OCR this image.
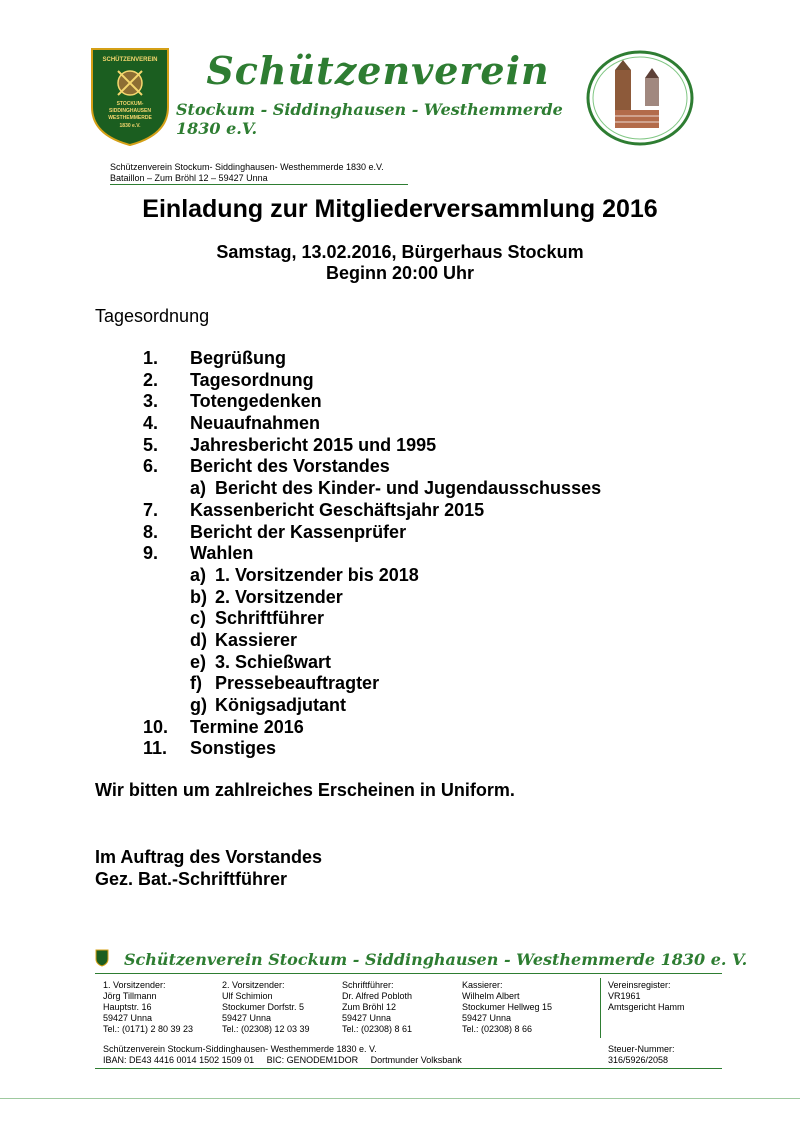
SCHÜTZENVEREIN
STOCKUM-
SIDDINGHAUSEN
WESTHEMMERDE
1830 e.V.
Schützenverein
Stockum - Siddinghausen - Westhemmerde 1830 e.V.
Schützenverein Stockum- Siddinghausen- Westhemmerde 1830 e.V.
Bataillon – Zum Bröhl 12 – 59427 Unna
Einladung zur Mitgliederversammlung 2016
Samstag, 13.02.2016, Bürgerhaus Stockum
Beginn 20:00 Uhr
Tagesordnung
1. Begrüßung
2. Tagesordnung
3. Totengedenken
4. Neuaufnahmen
5. Jahresbericht 2015 und 1995
6. Bericht des Vorstandes
a) Bericht des Kinder- und Jugendausschusses
7. Kassenbericht Geschäftsjahr 2015
8. Bericht der Kassenprüfer
9. Wahlen
a) 1. Vorsitzender bis 2018
b) 2. Vorsitzender
c) Schriftführer
d) Kassierer
e) 3. Schießwart
f) Pressebeauftragter
g) Königsadjutant
10. Termine 2016
11. Sonstiges
Wir bitten um zahlreiches Erscheinen in Uniform.
Im Auftrag des Vorstandes
Gez. Bat.-Schriftführer
Schützenverein Stockum - Siddinghausen - Westhemmerde 1830 e. V.
1. Vorsitzender:
Jörg Tillmann
Hauptstr. 16
59427 Unna
Tel.: (0171) 2 80 39 23
2. Vorsitzender:
Ulf Schimion
Stockumer Dorfstr. 5
59427 Unna
Tel.: (02308) 12 03 39
Schriftführer:
Dr. Alfred Pobloth
Zum Bröhl 12
59427 Unna
Tel.: (02308) 8 61
Kassierer:
Wilhelm Albert
Stockumer Hellweg 15
59427 Unna
Tel.: (02308) 8 66
Vereinsregister:
VR1961
Amtsgericht Hamm
Schützenverein Stockum-Siddinghausen- Westhemmerde 1830 e. V.
IBAN: DE43 4416 0014 1502 1509 01 BIC: GENODEM1DOR Dortmunder Volksbank
Steuer-Nummer:
316/5926/2058
